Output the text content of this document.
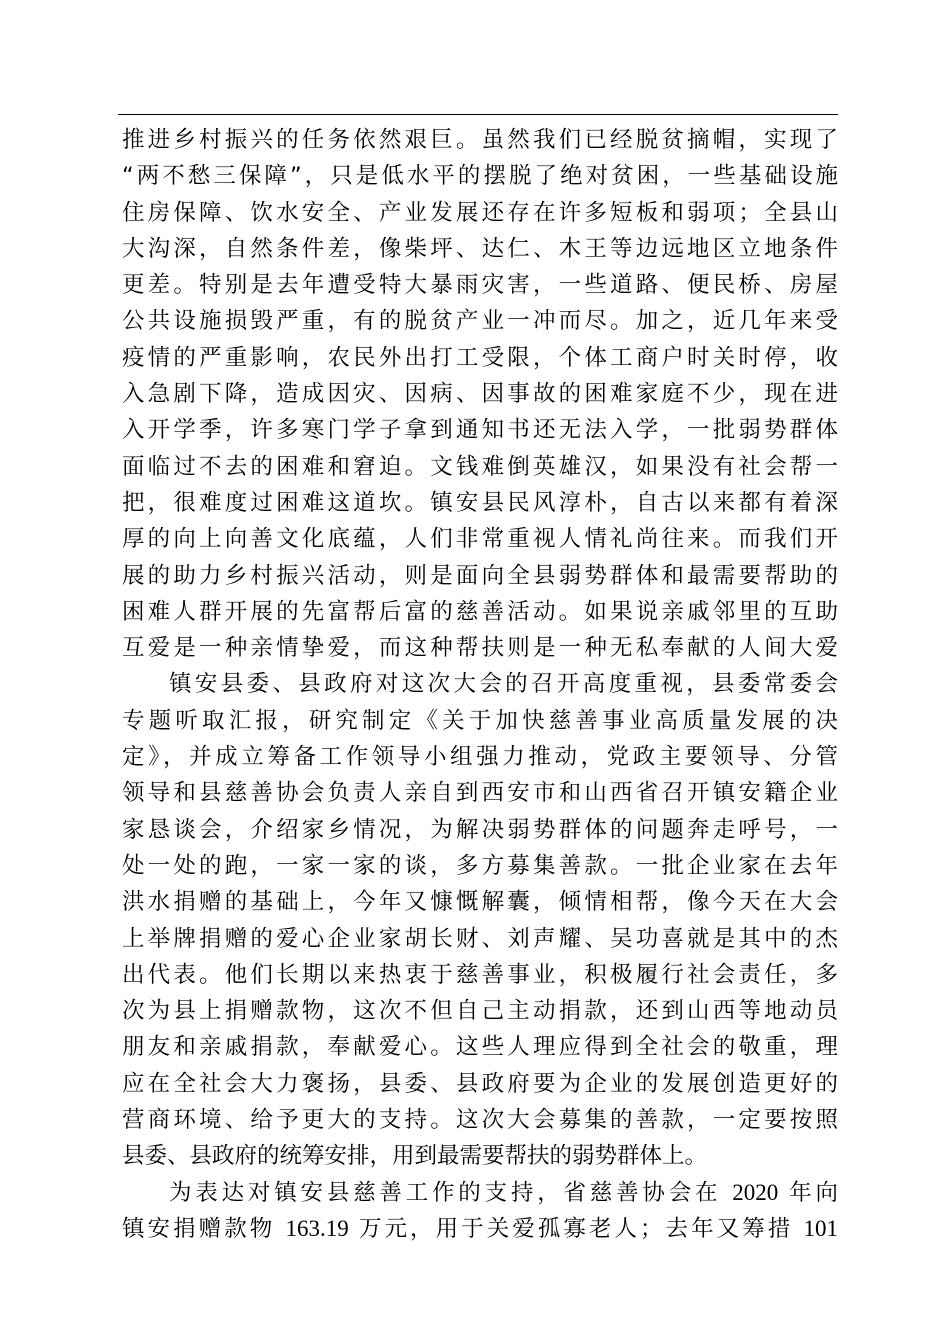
推进乡村振兴的任务依然艰巨。虽然我们已经脱贫摘帽，实现了
“两不愁三保障”，只是低水平的摆脱了绝对贫困，一些基础设施
住房保障、饮水安全、产业发展还存在许多短板和弱项；全县山
大沟深，自然条件差，像柴坪、达仁、木王等边远地区立地条件
更差。特别是去年遭受特大暴雨灾害，一些道路、便民桥、房屋
公共设施损毁严重，有的脱贫产业一冲而尽。加之，近几年来受
疫情的严重影响，农民外出打工受限，个体工商户时关时停，收
入急剧下降，造成因灾、因病、因事故的困难家庭不少，现在进
入开学季，许多寒门学子拿到通知书还无法入学，一批弱势群体
面临过不去的困难和窘迫。文钱难倒英雄汉，如果没有社会帮一
把，很难度过困难这道坎。镇安县民风淳朴，自古以来都有着深
厚的向上向善文化底蕴，人们非常重视人情礼尚往来。而我们开
展的助力乡村振兴活动，则是面向全县弱势群体和最需要帮助的
困难人群开展的先富帮后富的慈善活动。如果说亲戚邻里的互助
互爱是一种亲情挚爱，而这种帮扶则是一种无私奉献的人间大爱
镇安县委、县政府对这次大会的召开高度重视，县委常委会
专题听取汇报，研究制定《关于加快慈善事业高质量发展的决
定》，并成立筹备工作领导小组强力推动，党政主要领导、分管
领导和县慈善协会负责人亲自到西安市和山西省召开镇安籍企业
家恳谈会，介绍家乡情况，为解决弱势群体的问题奔走呼号，一
处一处的跑，一家一家的谈，多方募集善款。一批企业家在去年
洪水捐赠的基础上，今年又慷慨解囊，倾情相帮，像今天在大会
上举牌捐赠的爱心企业家胡长财、刘声耀、吴功喜就是其中的杰
出代表。他们长期以来热衷于慈善事业，积极履行社会责任，多
次为县上捐赠款物，这次不但自己主动捐款，还到山西等地动员
朋友和亲戚捐款，奉献爱心。这些人理应得到全社会的敬重，理
应在全社会大力褒扬，县委、县政府要为企业的发展创造更好的
营商环境、给予更大的支持。这次大会募集的善款，一定要按照
县委、县政府的统筹安排，用到最需要帮扶的弱势群体上。
为表达对镇安县慈善工作的支持，省慈善协会在 2020 年向
镇安捐赠款物 163.19 万元，用于关爱孤寡老人；去年又筹措 101
